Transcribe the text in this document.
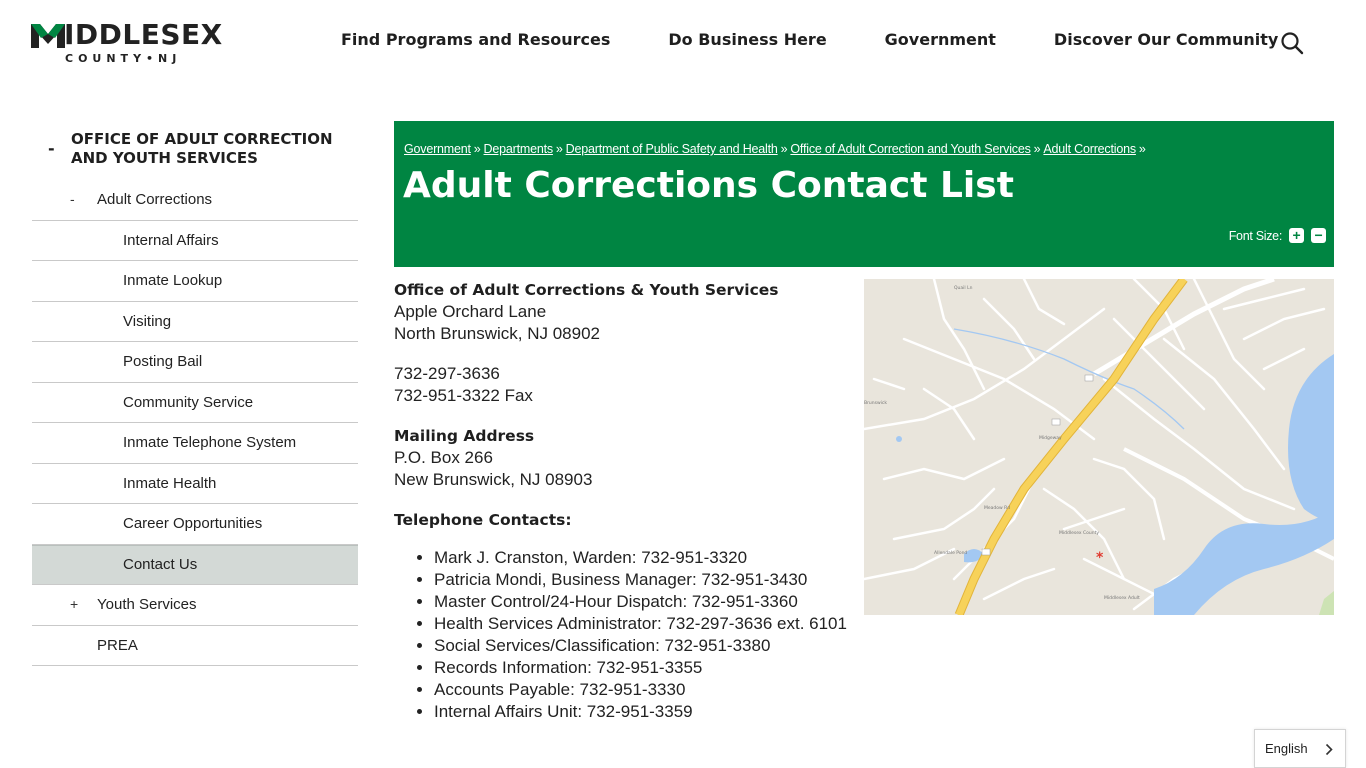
IDDLESEX
COUNTY•NJ
Find Programs and Resources	Do Business Here	Government	Discover Our Community
- OFFICE OF ADULT CORRECTION AND YOUTH SERVICES
- Adult Corrections
Internal Affairs
Inmate Lookup
Visiting
Posting Bail
Community Service
Inmate Telephone System
Inmate Health
Career Opportunities
Contact Us
+ Youth Services
PREA
Government » Departments » Department of Public Safety and Health » Office of Adult Correction and Youth Services » Adult Corrections »
Adult Corrections Contact List
Font Size: + −

Office of Adult Corrections & Youth Services
Apple Orchard Lane
North Brunswick, NJ 08902

732-297-3636
732-951-3322 Fax

Mailing Address
P.O. Box 266
New Brunswick, NJ 08903

Telephone Contacts:

• Mark J. Cranston, Warden: 732-951-3320
• Patricia Mondi, Business Manager: 732-951-3430
• Master Control/24-Hour Dispatch: 732-951-3360
• Health Services Administrator: 732-297-3636 ext. 6101
• Social Services/Classification: 732-951-3380
• Records Information: 732-951-3355
• Accounts Payable: 732-951-3330
• Internal Affairs Unit: 732-951-3359
Midgeway
Meadow Rd
Middlesex County
Middlesex Adult
Allendale Pond
Quail Ln
Brunswick
*
English
